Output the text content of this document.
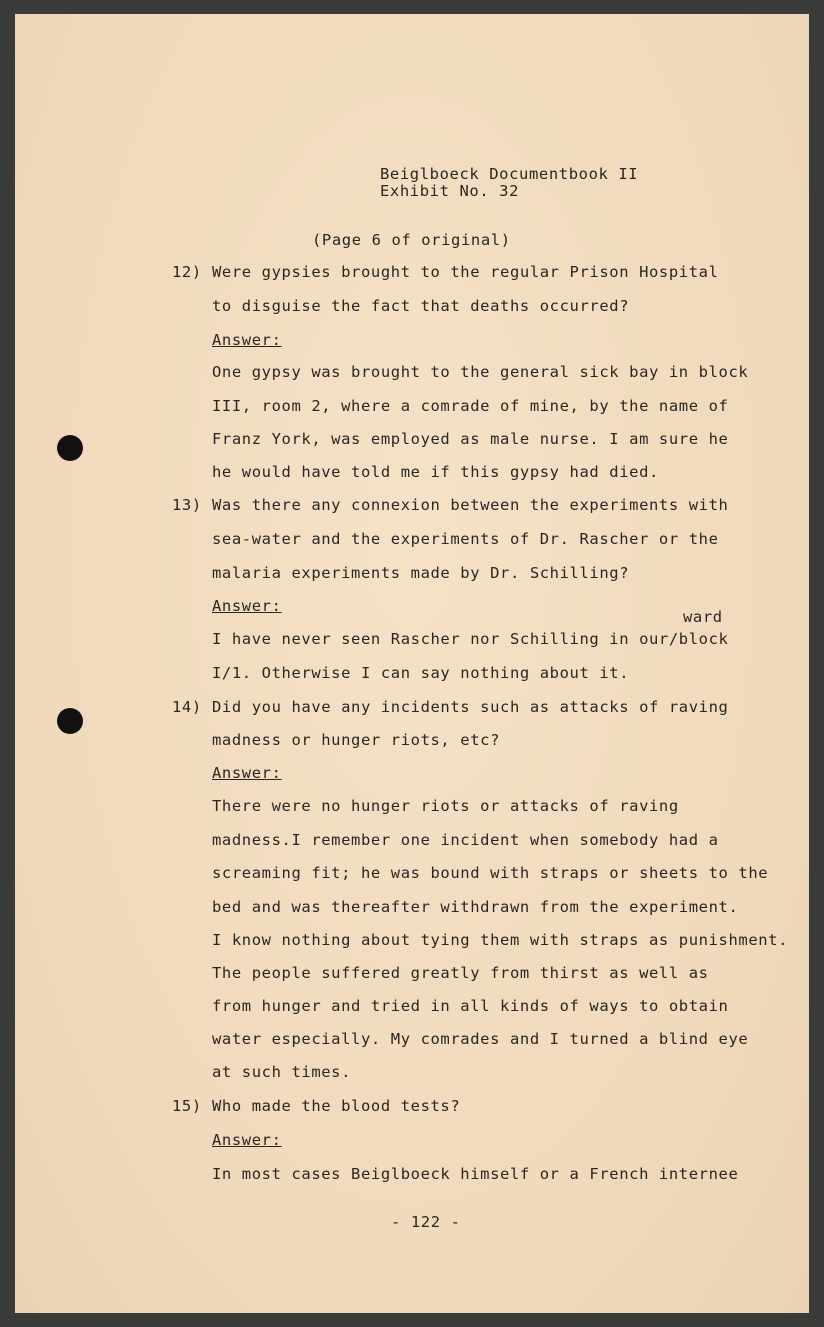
Beiglboeck Documentbook II
Exhibit No. 32
(Page 6 of original)
12) Were gypsies brought to the regular Prison Hospital
to disguise the fact that deaths occurred?
Answer:
One gypsy was brought to the general sick bay in block
III, room 2, where a comrade of mine, by the name of
Franz York, was employed as male nurse. I am sure he
he would have told me if this gypsy had died.
13) Was there any connexion between the experiments with
sea-water and the experiments of Dr. Rascher or the
malaria experiments made by Dr. Schilling?
Answer:
ward
I have never seen Rascher nor Schilling in our/block
I/1. Otherwise I can say nothing about it.
14) Did you have any incidents such as attacks of raving
madness or hunger riots, etc?
Answer:
There were no hunger riots or attacks of raving
madness.I remember one incident when somebody had a
screaming fit; he was bound with straps or sheets to the
bed and was thereafter withdrawn from the experiment.
I know nothing about tying them with straps as punishment.
The people suffered greatly from thirst as well as
from hunger and tried in all kinds of ways to obtain
water especially. My comrades and I turned a blind eye
at such times.
15) Who made the blood tests?
Answer:
In most cases Beiglboeck himself or a French internee
- 122 -
